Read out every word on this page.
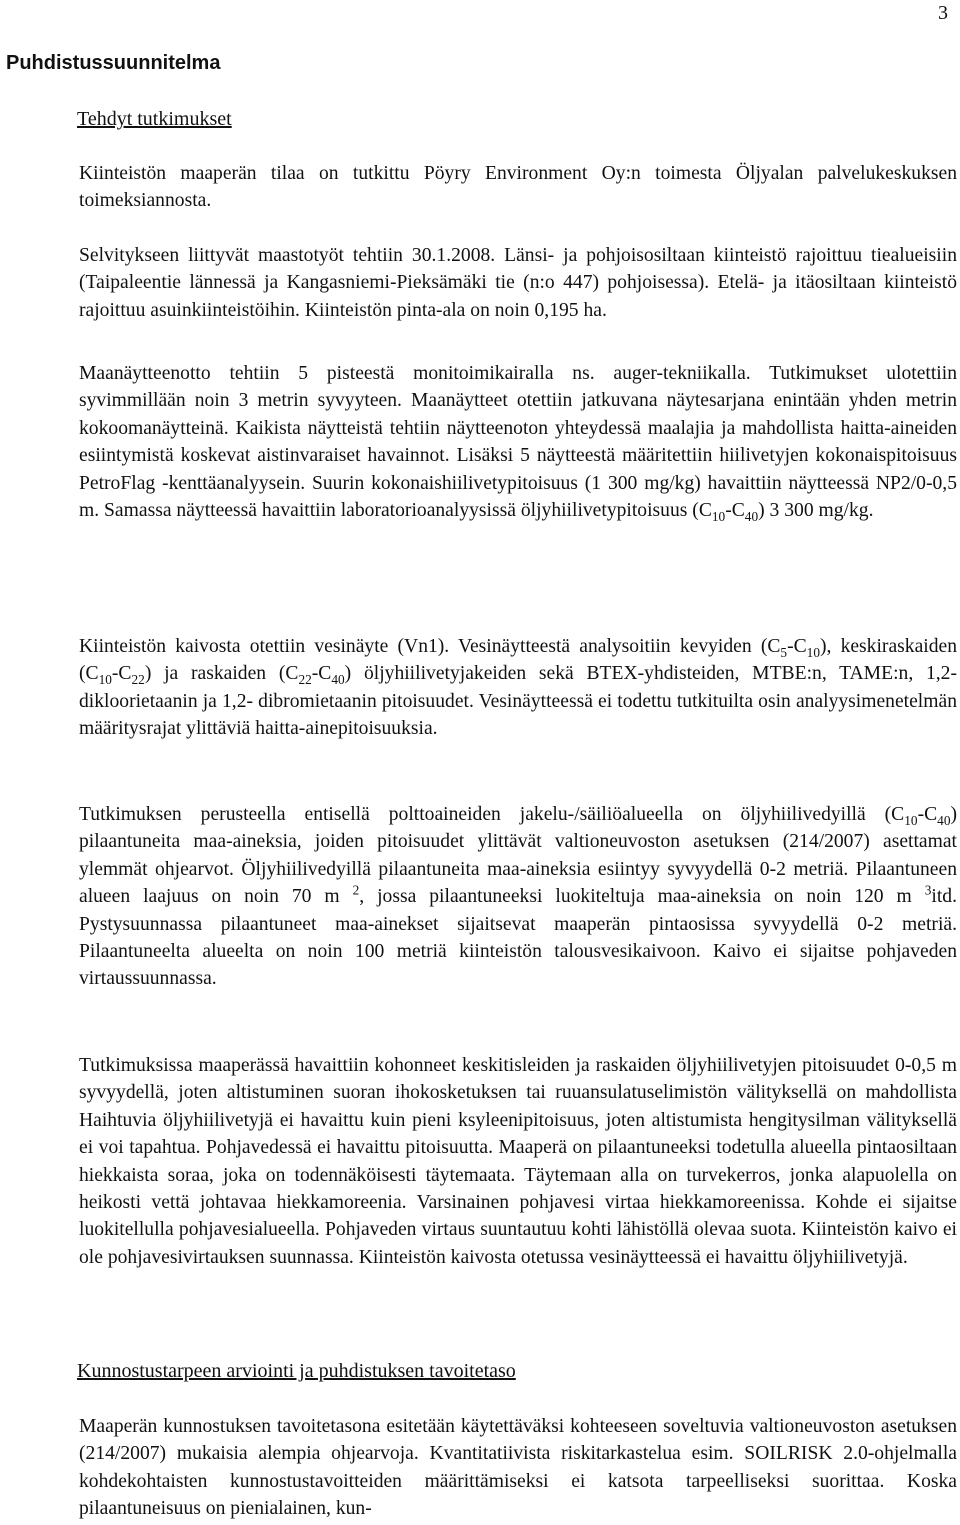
3
Puhdistussuunnitelma
Tehdyt tutkimukset

Kiinteistön maaperän tilaa on tutkittu Pöyry Environment Oy:n toimesta Öljyalan palvelukeskuksen toimeksiannosta.

Selvitykseen liittyvät maastotyöt tehtiin 30.1.2008. Länsi- ja pohjoisosiltaan kiinteistö rajoittuu tiealueisiin (Taipaleentie lännessä ja Kangasniemi-Pieksämäki tie (n:o 447) pohjoisessa). Etelä- ja itäosiltaan kiinteistö rajoittuu asuinkiinteistöihin. Kiinteistön pinta-ala on noin 0,195 ha.

Maanäytteenotto tehtiin 5 pisteestä monitoimikairalla ns. auger-tekniikalla. Tutkimukset ulotettiin syvimmillään noin 3 metrin syvyyteen. Maanäytteet otettiin jatkuvana näytesarjana enintään yhden metrin kokoomanäytteinä. Kaikista näytteistä tehtiin näytteenoton yhteydessä maalajia ja mahdollista haitta-aineiden esiintymistä koskevat aistinvaraiset havainnot. Lisäksi 5 näytteestä määritettiin hiilivetyjen kokonaispitoisuus PetroFlag -kenttäanalyysein. Suurin kokonaishiilivetypitoisuus (1 300 mg/kg) havaittiin näytteessä NP2/0-0,5 m. Samassa näytteessä havaittiin laboratorioanalyysissä öljyhiilivetypitoisuus $(C_{10}-C_{40})$ 3 300 mg/kg.

Kiinteistön kaivosta otettiin vesinäyte (Vn1). Vesinäytteestä analysoitiin kevyiden $(C_5-C_{10})$, keskiraskaiden $(C_{10}-C_{22})$ ja raskaiden $(C_{22}-C_{40})$ öljyhiilivetyjakeiden sekä BTEX-yhdisteiden, MTBE:n, TAME:n, 1,2- dikloorietaanin ja 1,2- dibromietaanin pitoisuudet. Vesinäytteessä ei todettu tutkituilta osin analyysimenetelmän määritysrajat ylittäviä haitta-ainepitoisuuksia.

Tutkimuksen perusteella entisellä polttoaineiden jakelu-/säiliöalueella on öljyhiilivedyillä $(C_{10}-C_{40})$ pilaantuneita maa-aineksia, joiden pitoisuudet ylittävät valtioneuvoston asetuksen (214/2007) asettamat ylemmät ohjearvot. Öljyhiilivedyillä pilaantuneita maa-aineksia esiintyy syvyydellä 0-2 metriä. Pilaantuneen alueen laajuus on noin 70 m $^2$, jossa pilaantuneeksi luokiteltuja maa-aineksia on noin 120 m $^3$itd. Pystysuunnassa pilaantuneet maa-ainekset sijaitsevat maaperän pintaosissa syvyydellä 0-2 metriä. Pilaantuneelta alueelta on noin 100 metriä kiinteistön talousvesikaivoon. Kaivo ei sijaitse pohjaveden virtaussuunnassa.

Tutkimuksissa maaperässä havaittiin kohonneet keskitisleiden ja raskaiden öljyhiilivetyjen pitoisuudet 0-0,5 m syvyydellä, joten altistuminen suoran ihokosketuksen tai ruuansulatuselimistön välityksellä on mahdollista Haihtuvia öljyhiilivetyjä ei havaittu kuin pieni ksyleenipitoisuus, joten altistumista hengitysilman välityksellä ei voi tapahtua. Pohjavedessä ei havaittu pitoisuutta. Maaperä on pilaantuneeksi todetulla alueella pintaosiltaan hiekkaista soraa, joka on todennäköisesti täytemaata. Täytemaan alla on turvekerros, jonka alapuolella on heikosti vettä johtavaa hiekkamoreenia. Varsinainen pohjavesi virtaa hiekkamoreenissa. Kohde ei sijaitse luokitellulla pohjavesialueella. Pohjaveden virtaus suuntautuu kohti lähistöllä olevaa suota. Kiinteistön kaivo ei ole pohjavesivirtauksen suunnassa. Kiinteistön kaivosta otetussa vesinäytteessä ei havaittu öljyhiilivetyjä.

Kunnostustarpeen arviointi ja puhdistuksen tavoitetaso

Maaperän kunnostuksen tavoitetasona esitetään käytettäväksi kohteeseen soveltuvia valtioneuvoston asetuksen (214/2007) mukaisia alempia ohjearvoja. Kvantitatiivista riskitarkastelua esim. SOILRISK 2.0-ohjelmalla kohdekohtaisten kunnostustavoitteiden määrittämiseksi ei katsota tarpeelliseksi suorittaa. Koska pilaantuneisuus on pienialainen, kun-
